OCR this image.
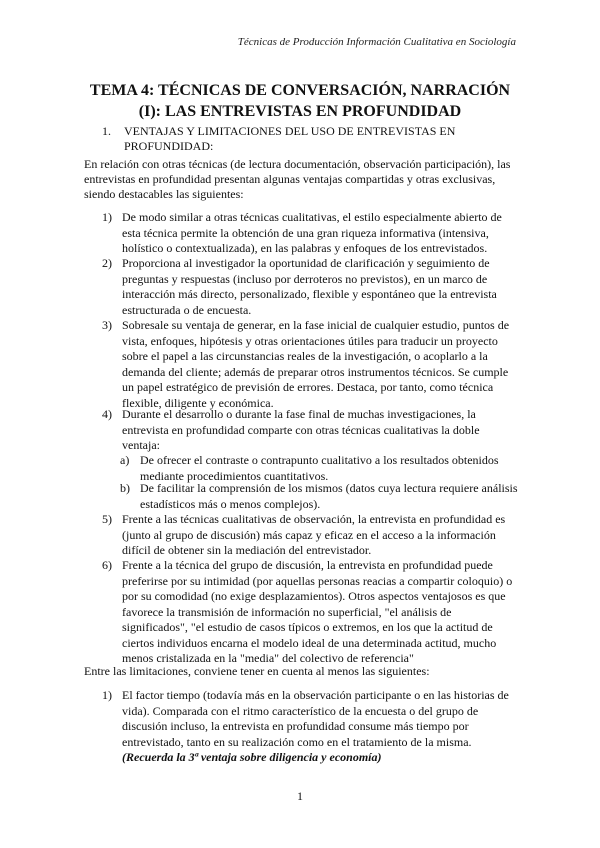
Técnicas de Producción Información Cualitativa en Sociología
TEMA 4: TÉCNICAS DE CONVERSACIÓN, NARRACIÓN (I): LAS ENTREVISTAS EN PROFUNDIDAD
1. VENTAJAS Y LIMITACIONES DEL USO DE ENTREVISTAS EN PROFUNDIDAD:
En relación con otras técnicas (de lectura documentación, observación participación), las entrevistas en profundidad presentan algunas ventajas compartidas y otras exclusivas, siendo destacables las siguientes:
1) De modo similar a otras técnicas cualitativas, el estilo especialmente abierto de esta técnica permite la obtención de una gran riqueza informativa (intensiva, holístico o contextualizada), en las palabras y enfoques de los entrevistados.
2) Proporciona al investigador la oportunidad de clarificación y seguimiento de preguntas y respuestas (incluso por derroteros no previstos), en un marco de interacción más directo, personalizado, flexible y espontáneo que la entrevista estructurada o de encuesta.
3) Sobresale su ventaja de generar, en la fase inicial de cualquier estudio, puntos de vista, enfoques, hipótesis y otras orientaciones útiles para traducir un proyecto sobre el papel a las circunstancias reales de la investigación, o acoplarlo a la demanda del cliente; además de preparar otros instrumentos técnicos. Se cumple un papel estratégico de previsión de errores. Destaca, por tanto, como técnica flexible, diligente y económica.
4) Durante el desarrollo o durante la fase final de muchas investigaciones, la entrevista en profundidad comparte con otras técnicas cualitativas la doble ventaja:
a) De ofrecer el contraste o contrapunto cualitativo a los resultados obtenidos mediante procedimientos cuantitativos.
b) De facilitar la comprensión de los mismos (datos cuya lectura requiere análisis estadísticos más o menos complejos).
5) Frente a las técnicas cualitativas de observación, la entrevista en profundidad es (junto al grupo de discusión) más capaz y eficaz en el acceso a la información difícil de obtener sin la mediación del entrevistador.
6) Frente a la técnica del grupo de discusión, la entrevista en profundidad puede preferirse por su intimidad (por aquellas personas reacias a compartir coloquio) o por su comodidad (no exige desplazamientos). Otros aspectos ventajosos es que favorece la transmisión de información no superficial, "el análisis de significados", "el estudio de casos típicos o extremos, en los que la actitud de ciertos individuos encarna el modelo ideal de una determinada actitud, mucho menos cristalizada en la "media" del colectivo de referencia"
Entre las limitaciones, conviene tener en cuenta al menos las siguientes:
1) El factor tiempo (todavía más en la observación participante o en las historias de vida). Comparada con el ritmo característico de la encuesta o del grupo de discusión incluso, la entrevista en profundidad consume más tiempo por entrevistado, tanto en su realización como en el tratamiento de la misma.
(Recuerda la 3ª ventaja sobre diligencia y economía)
1
